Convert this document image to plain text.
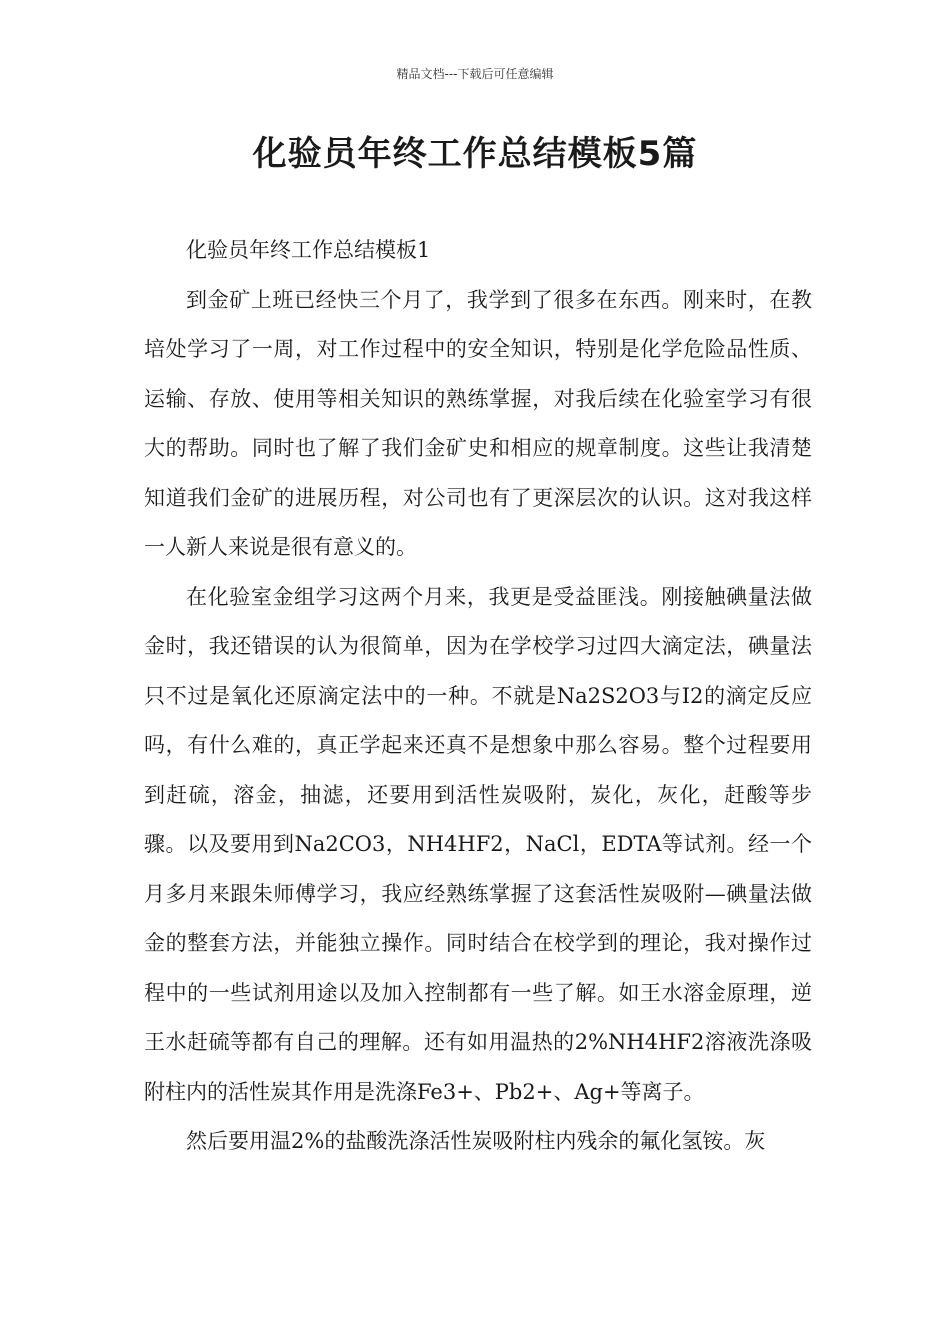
精品文档---下载后可任意编辑
化验员年终工作总结模板5篇

化验员年终工作总结模板1

到金矿上班已经快三个月了，我学到了很多在东西。刚来时，在教培处学习了一周，对工作过程中的安全知识，特别是化学危险品性质、运输、存放、使用等相关知识的熟练掌握，对我后续在化验室学习有很大的帮助。同时也了解了我们金矿史和相应的规章制度。这些让我清楚知道我们金矿的进展历程，对公司也有了更深层次的认识。这对我这样一人新人来说是很有意义的。

在化验室金组学习这两个月来，我更是受益匪浅。刚接触碘量法做金时，我还错误的认为很简单，因为在学校学习过四大滴定法，碘量法只不过是氧化还原滴定法中的一种。不就是Na2S2O3与I2的滴定反应吗，有什么难的，真正学起来还真不是想象中那么容易。整个过程要用到赶硫，溶金，抽滤，还要用到活性炭吸附，炭化，灰化，赶酸等步骤。以及要用到Na2CO3，NH4HF2，NaCl，EDTA等试剂。经一个月多月来跟朱师傅学习，我应经熟练掌握了这套活性炭吸附—碘量法做金的整套方法，并能独立操作。同时结合在校学到的理论，我对操作过程中的一些试剂用途以及加入控制都有一些了解。如王水溶金原理，逆王水赶硫等都有自己的理解。还有如用温热的2%NH4HF2溶液洗涤吸附柱内的活性炭其作用是洗涤Fe3+、Pb2+、Ag+等离子。

然后要用温2%的盐酸洗涤活性炭吸附柱内残余的氟化氢铵。灰
